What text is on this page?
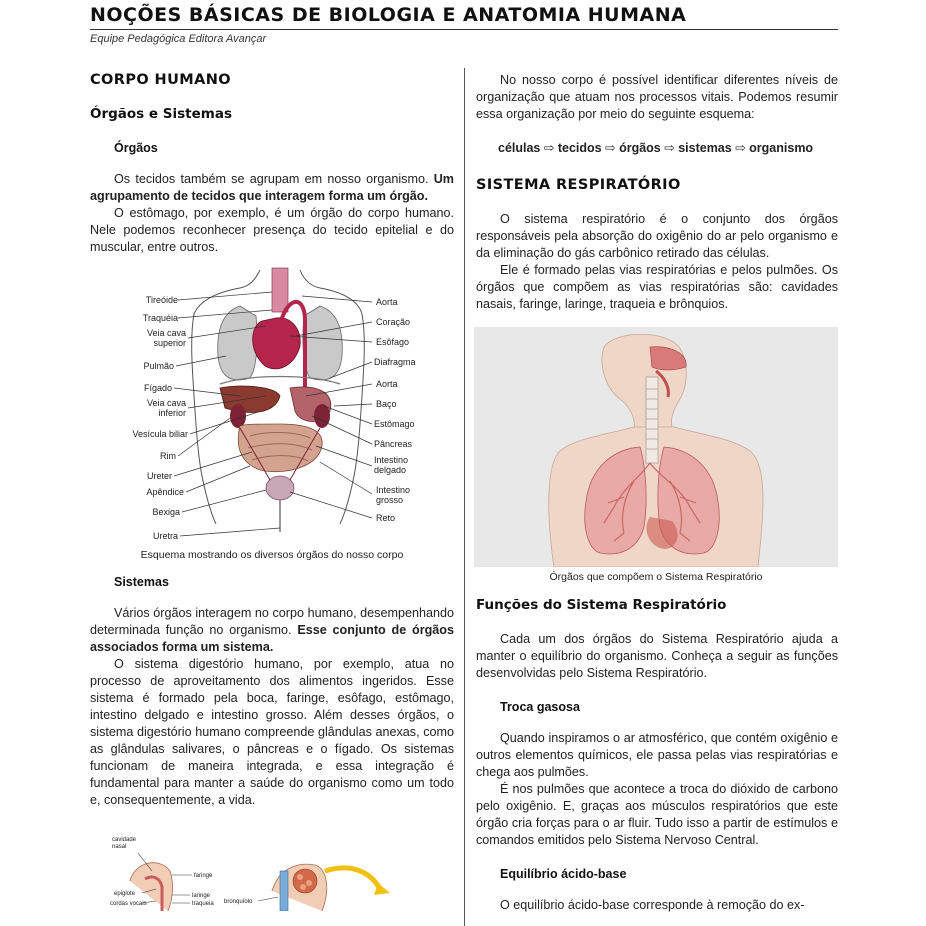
NOÇÕES BÁSICAS DE BIOLOGIA E ANATOMIA HUMANA
Equipe Pedagógica Editora Avançar
CORPO HUMANO
Órgãos e Sistemas
Órgãos

Os tecidos também se agrupam em nosso organismo. Um agrupamento de tecidos que interagem forma um órgão.

O estômago, por exemplo, é um órgão do corpo humano. Nele podemos reconhecer presença do tecido epitelial e do muscular, entre outros.

Tireóide
Traquéia
Veia cava superior
Pulmão
Fígado
Veia cava inferior
Vesícula biliar
Rim
Ureter
Apêndice
Bexiga
Uretra
Aorta
Coração
Esôfago
Diafragma
Aorta
Baço
Estômago
Pâncreas
Intestino delgado
Intestino grosso
Reto
Esquema mostrando os diversos órgãos do nosso corpo
Sistemas

Vários órgãos interagem no corpo humano, desempenhando determinada função no organismo. Esse conjunto de órgãos associados forma um sistema.

O sistema digestório humano, por exemplo, atua no processo de aproveitamento dos alimentos ingeridos. Esse sistema é formado pela boca, faringe, esôfago, estômago, intestino delgado e intestino grosso. Além desses órgãos, o sistema digestório humano compreende glândulas anexas, como as glândulas salivares, o pâncreas e o fígado. Os sistemas funcionam de maneira integrada, e essa integração é fundamental para manter a saúde do organismo como um todo e, consequentemente, a vida.

cavidade nasal
faringe
epiglote	laringe
cordas vocais	traqueia bronquíolo

No nosso corpo é possível identificar diferentes níveis de organização que atuam nos processos vitais. Podemos resumir essa organização por meio do seguinte esquema:

células ⇨ tecidos ⇨ órgãos ⇨ sistemas ⇨ organismo
SISTEMA RESPIRATÓRIO

O sistema respiratório é o conjunto dos órgãos responsáveis pela absorção do oxigênio do ar pelo organismo e da eliminação do gás carbônico retirado das células.

Ele é formado pelas vias respiratórias e pelos pulmões. Os órgãos que compõem as vias respiratórias são: cavidades nasais, faringe, laringe, traqueia e brônquios.

Órgãos que compõem o Sistema Respiratório
Funções do Sistema Respiratório

Cada um dos órgãos do Sistema Respiratório ajuda a manter o equilíbrio do organismo. Conheça a seguir as funções desenvolvidas pelo Sistema Respiratório.

Troca gasosa

Quando inspiramos o ar atmosférico, que contém oxigênio e outros elementos químicos, ele passa pelas vias respiratórias e chega aos pulmões.

É nos pulmões que acontece a troca do dióxido de carbono pelo oxigênio. E, graças aos músculos respiratórios que este órgão cria forças para o ar fluir. Tudo isso a partir de estímulos e comandos emitidos pelo Sistema Nervoso Central.

Equilíbrio ácido-base

O equilíbrio ácido-base corresponde à remoção do ex-
